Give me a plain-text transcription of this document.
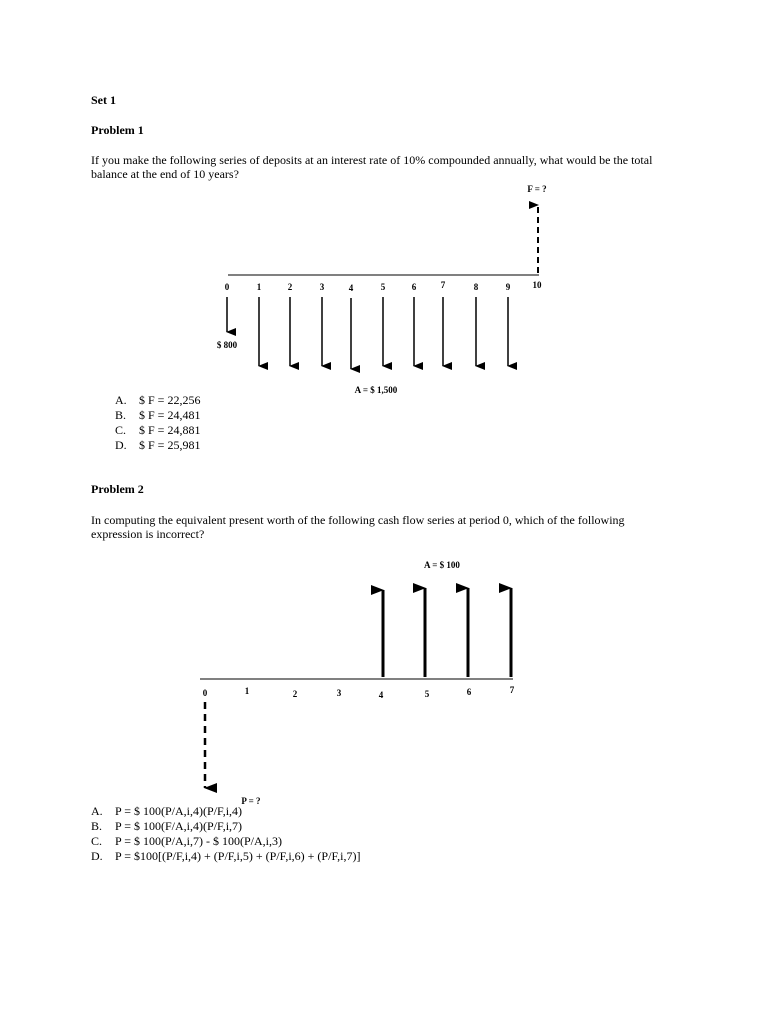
Set 1

Problem 1

If you make the following series of deposits at an interest rate of 10% compounded annually, what would be the total balance at the end of 10 years?

0	1	2	3	4	5	6	7	8	9 10
$ 800
A = $ 1,500
F = ?
A. $ F = 22,256
B. $ F = 24,481
C. $ F = 24,881
D. $ F = 25,981

Problem 2

In computing the equivalent present worth of the following cash flow series at period 0, which of the following expression is incorrect?

0	1	2	3	4	5	6	7
A = $ 100
P = ?
A. P = $ 100(P/A,i,4)(P/F,i,4)
B. P = $ 100(F/A,i,4)(P/F,i,7)
C. P = $ 100(P/A,i,7) - $ 100(P/A,i,3)
D. P = $100[(P/F,i,4) + (P/F,i,5) + (P/F,i,6) + (P/F,i,7)]
